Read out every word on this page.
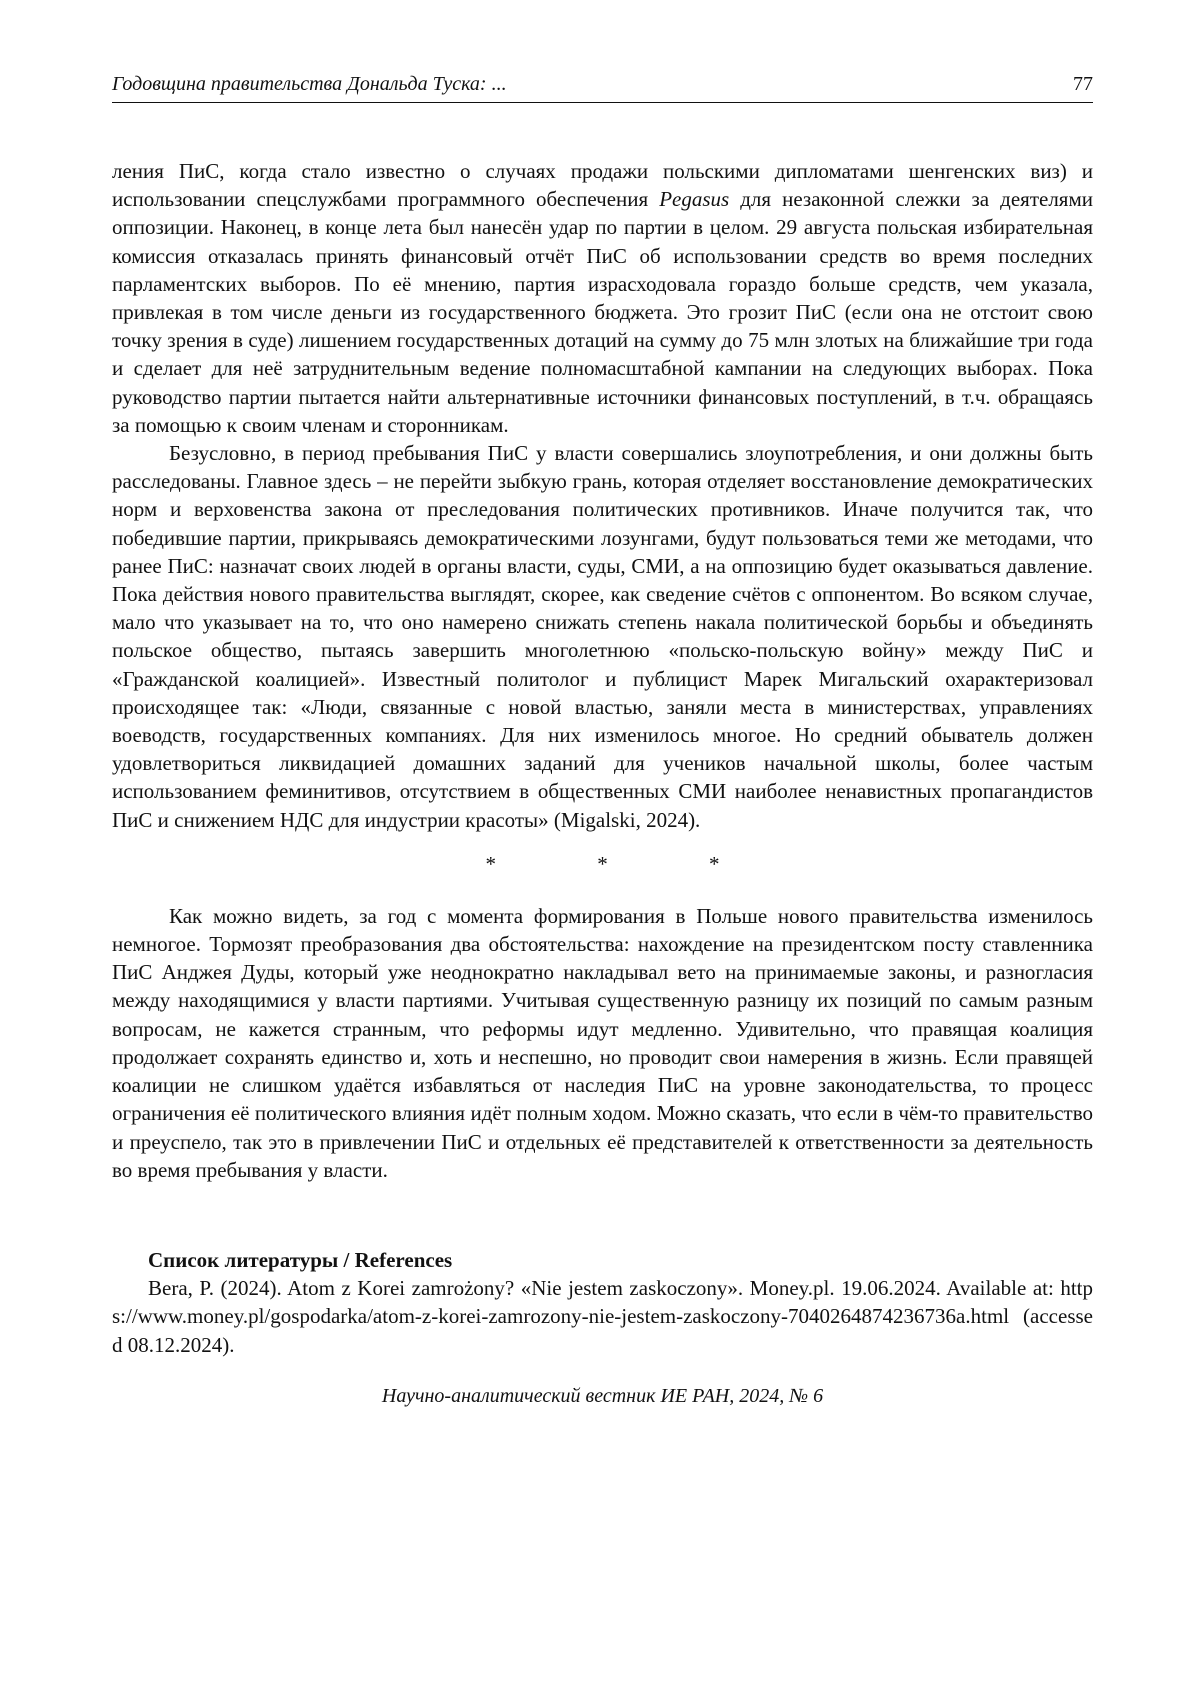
Годовщина правительства Дональда Туска: ...	77

ления ПиС, когда стало известно о случаях продажи польскими дипломатами шенгенских виз) и использовании спецслужбами программного обеспечения Pegasus для незаконной слежки за деятелями оппозиции. Наконец, в конце лета был нанесён удар по партии в целом. 29 августа польская избирательная комиссия отказалась принять финансовый отчёт ПиС об использовании средств во время последних парламентских выборов. По её мнению, партия израсходовала гораздо больше средств, чем указала, привлекая в том числе деньги из государственного бюджета. Это грозит ПиС (если она не отстоит свою точку зрения в суде) лишением государственных дотаций на сумму до 75 млн злотых на ближайшие три года и сделает для неё затруднительным ведение полномасштабной кампании на следующих выборах. Пока руководство партии пытается найти альтернативные источники финансовых поступлений, в т.ч. обращаясь за помощью к своим членам и сторонникам.

Безусловно, в период пребывания ПиС у власти совершались злоупотребления, и они должны быть расследованы. Главное здесь – не перейти зыбкую грань, которая отделяет восстановление демократических норм и верховенства закона от преследования политических противников. Иначе получится так, что победившие партии, прикрываясь демократическими лозунгами, будут пользоваться теми же методами, что ранее ПиС: назначат своих людей в органы власти, суды, СМИ, а на оппозицию будет оказываться давление. Пока действия нового правительства выглядят, скорее, как сведение счётов с оппонентом. Во всяком случае, мало что указывает на то, что оно намерено снижать степень накала политической борьбы и объединять польское общество, пытаясь завершить многолетнюю «польско-польскую войну» между ПиС и «Гражданской коалицией». Известный политолог и публицист Марек Мигальский охарактеризовал происходящее так: «Люди, связанные с новой властью, заняли места в министерствах, управлениях воеводств, государственных компаниях. Для них изменилось многое. Но средний обыватель должен удовлетвориться ликвидацией домашних заданий для учеников начальной школы, более частым использованием феминитивов, отсутствием в общественных СМИ наиболее ненавистных пропагандистов ПиС и снижением НДС для индустрии красоты» (Migalski, 2024).

* * *

Как можно видеть, за год с момента формирования в Польше нового правительства изменилось немногое. Тормозят преобразования два обстоятельства: нахождение на президентском посту ставленника ПиС Анджея Дуды, который уже неоднократно накладывал вето на принимаемые законы, и разногласия между находящимися у власти партиями. Учитывая существенную разницу их позиций по самым разным вопросам, не кажется странным, что реформы идут медленно. Удивительно, что правящая коалиция продолжает сохранять единство и, хоть и неспешно, но проводит свои намерения в жизнь. Если правящей коалиции не слишком удаётся избавляться от наследия ПиС на уровне законодательства, то процесс ограничения её политического влияния идёт полным ходом. Можно сказать, что если в чём-то правительство и преуспело, так это в привлечении ПиС и отдельных её представителей к ответственности за деятельность во время пребывания у власти.

Список литературы / References

Bera, P. (2024). Atom z Korei zamrożony? «Nie jestem zaskoczony». Money.pl. 19.06.2024. Available at: https://www.money.pl/gospodarka/atom-z-korei-zamrozony-nie-jestem-zaskoczony-7040264874236736a.html (accessed 08.12.2024).

Научно-аналитический вестник ИЕ РАН, 2024, № 6
